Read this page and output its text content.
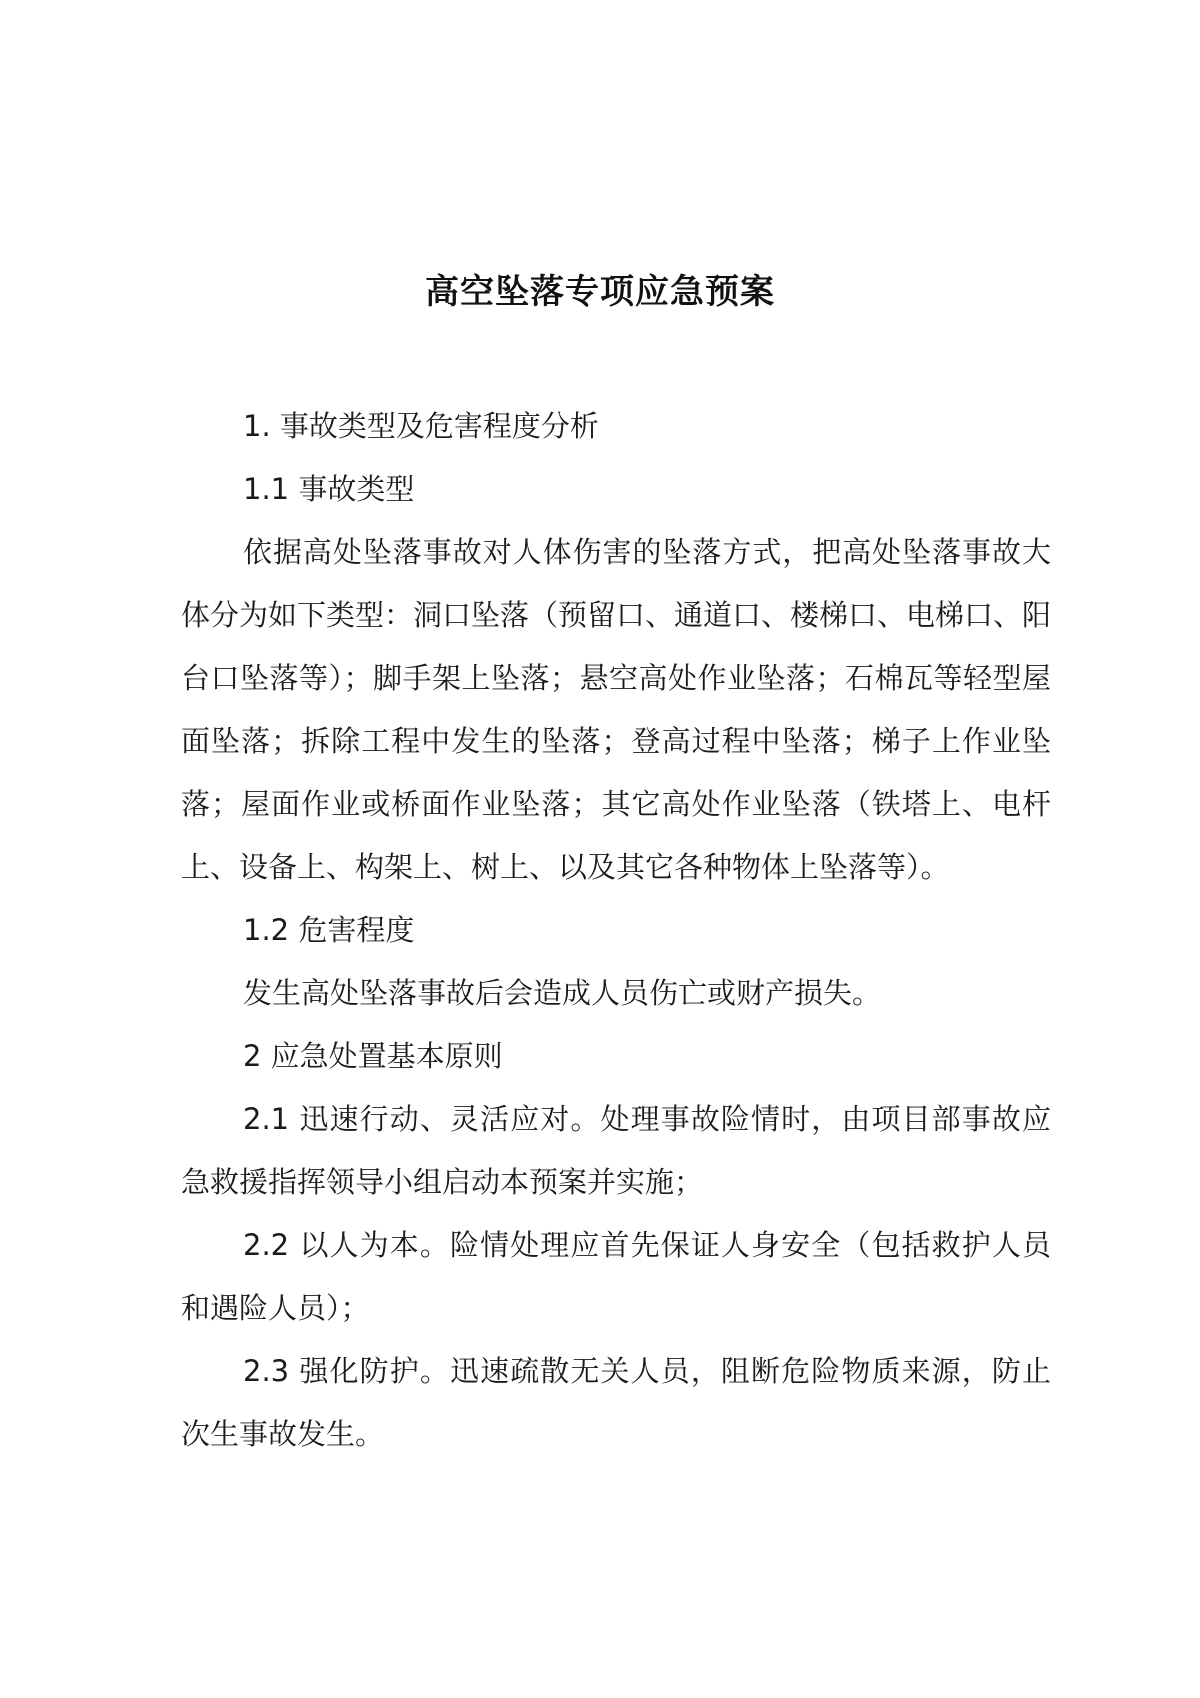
高空坠落专项应急预案

1. 事故类型及危害程度分析

1.1 事故类型

依据高处坠落事故对人体伤害的坠落方式，把高处坠落事故大体分为如下类型：洞口坠落（预留口、通道口、楼梯口、电梯口、阳台口坠落等）；脚手架上坠落；悬空高处作业坠落；石棉瓦等轻型屋面坠落；拆除工程中发生的坠落；登高过程中坠落；梯子上作业坠落；屋面作业或桥面作业坠落；其它高处作业坠落（铁塔上、电杆上、设备上、构架上、树上、以及其它各种物体上坠落等）。

1.2 危害程度

发生高处坠落事故后会造成人员伤亡或财产损失。

2 应急处置基本原则

2.1 迅速行动、灵活应对。处理事故险情时，由项目部事故应急救援指挥领导小组启动本预案并实施；

2.2 以人为本。险情处理应首先保证人身安全（包括救护人员和遇险人员）；

2.3 强化防护。迅速疏散无关人员，阻断危险物质来源，防止次生事故发生。
